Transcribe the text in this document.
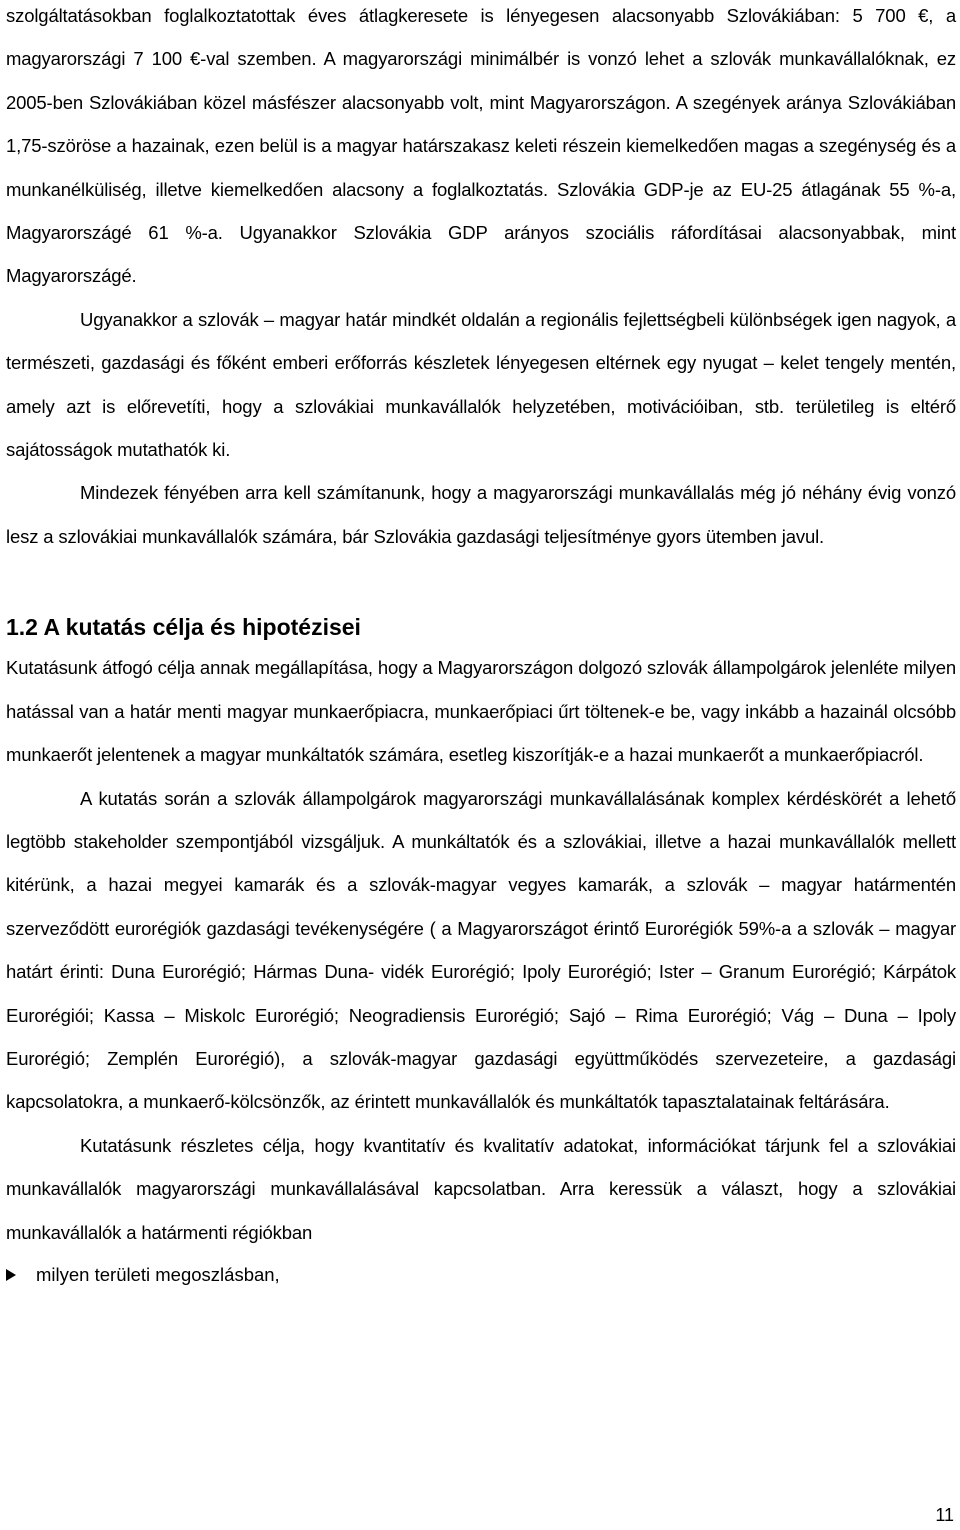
szolgáltatásokban foglalkoztatottak éves átlagkeresete is lényegesen alacsonyabb Szlovákiában: 5 700 €, a magyarországi 7 100 €-val szemben. A magyarországi minimálbér is vonzó lehet a szlovák munkavállalóknak, ez 2005-ben Szlovákiában közel másfészer alacsonyabb volt, mint Magyarországon. A szegények aránya Szlovákiában 1,75-szöröse a hazainak, ezen belül is a magyar határszakasz keleti részein kiemelkedően magas a szegénység és a munkanélküliség, illetve kiemelkedően alacsony a foglalkoztatás. Szlovákia GDP-je az EU-25 átlagának 55 %-a, Magyarországé 61 %-a. Ugyanakkor Szlovákia GDP arányos szociális ráfordításai alacsonyabbak, mint Magyarországé.

Ugyanakkor a szlovák – magyar határ mindkét oldalán a regionális fejlettségbeli különbségek igen nagyok, a természeti, gazdasági és főként emberi erőforrás készletek lényegesen eltérnek egy nyugat – kelet tengely mentén, amely azt is előrevetíti, hogy a szlovákiai munkavállalók helyzetében, motivációiban, stb. területileg is eltérő sajátosságok mutathatók ki.

Mindezek fényében arra kell számítanunk, hogy a magyarországi munkavállalás még jó néhány évig vonzó lesz a szlovákiai munkavállalók számára, bár Szlovákia gazdasági teljesítménye gyors ütemben javul.

1.2 A kutatás célja és hipotézisei

Kutatásunk átfogó célja annak megállapítása, hogy a Magyarországon dolgozó szlovák állampolgárok jelenléte milyen hatással van a határ menti magyar munkaerőpiacra, munkaerőpiaci űrt töltenek-e be, vagy inkább a hazainál olcsóbb munkaerőt jelentenek a magyar munkáltatók számára, esetleg kiszorítják-e a hazai munkaerőt a munkaerőpiacról.

A kutatás során a szlovák állampolgárok magyarországi munkavállalásának komplex kérdéskörét a lehető legtöbb stakeholder szempontjából vizsgáljuk. A munkáltatók és a szlovákiai, illetve a hazai munkavállalók mellett kitérünk, a hazai megyei kamarák és a szlovák-magyar vegyes kamarák, a szlovák – magyar határmentén szerveződött eurorégiók gazdasági tevékenységére ( a Magyarországot érintő Eurorégiók 59%-a a szlovák – magyar határt érinti: Duna Eurorégió; Hármas Duna- vidék Eurorégió; Ipoly Eurorégió; Ister – Granum Eurorégió; Kárpátok Eurorégiói; Kassa – Miskolc Eurorégió; Neogradiensis Eurorégió; Sajó – Rima Eurorégió; Vág – Duna – Ipoly Eurorégió; Zemplén Eurorégió), a szlovák-magyar gazdasági együttműködés szervezeteire, a gazdasági kapcsolatokra, a munkaerő-kölcsönzők, az érintett munkavállalók és munkáltatók tapasztalatainak feltárására.

Kutatásunk részletes célja, hogy kvantitatív és kvalitatív adatokat, információkat tárjunk fel a szlovákiai munkavállalók magyarországi munkavállalásával kapcsolatban. Arra keressük a választ, hogy a szlovákiai munkavállalók a határmenti régiókban

milyen területi megoszlásban,
11
